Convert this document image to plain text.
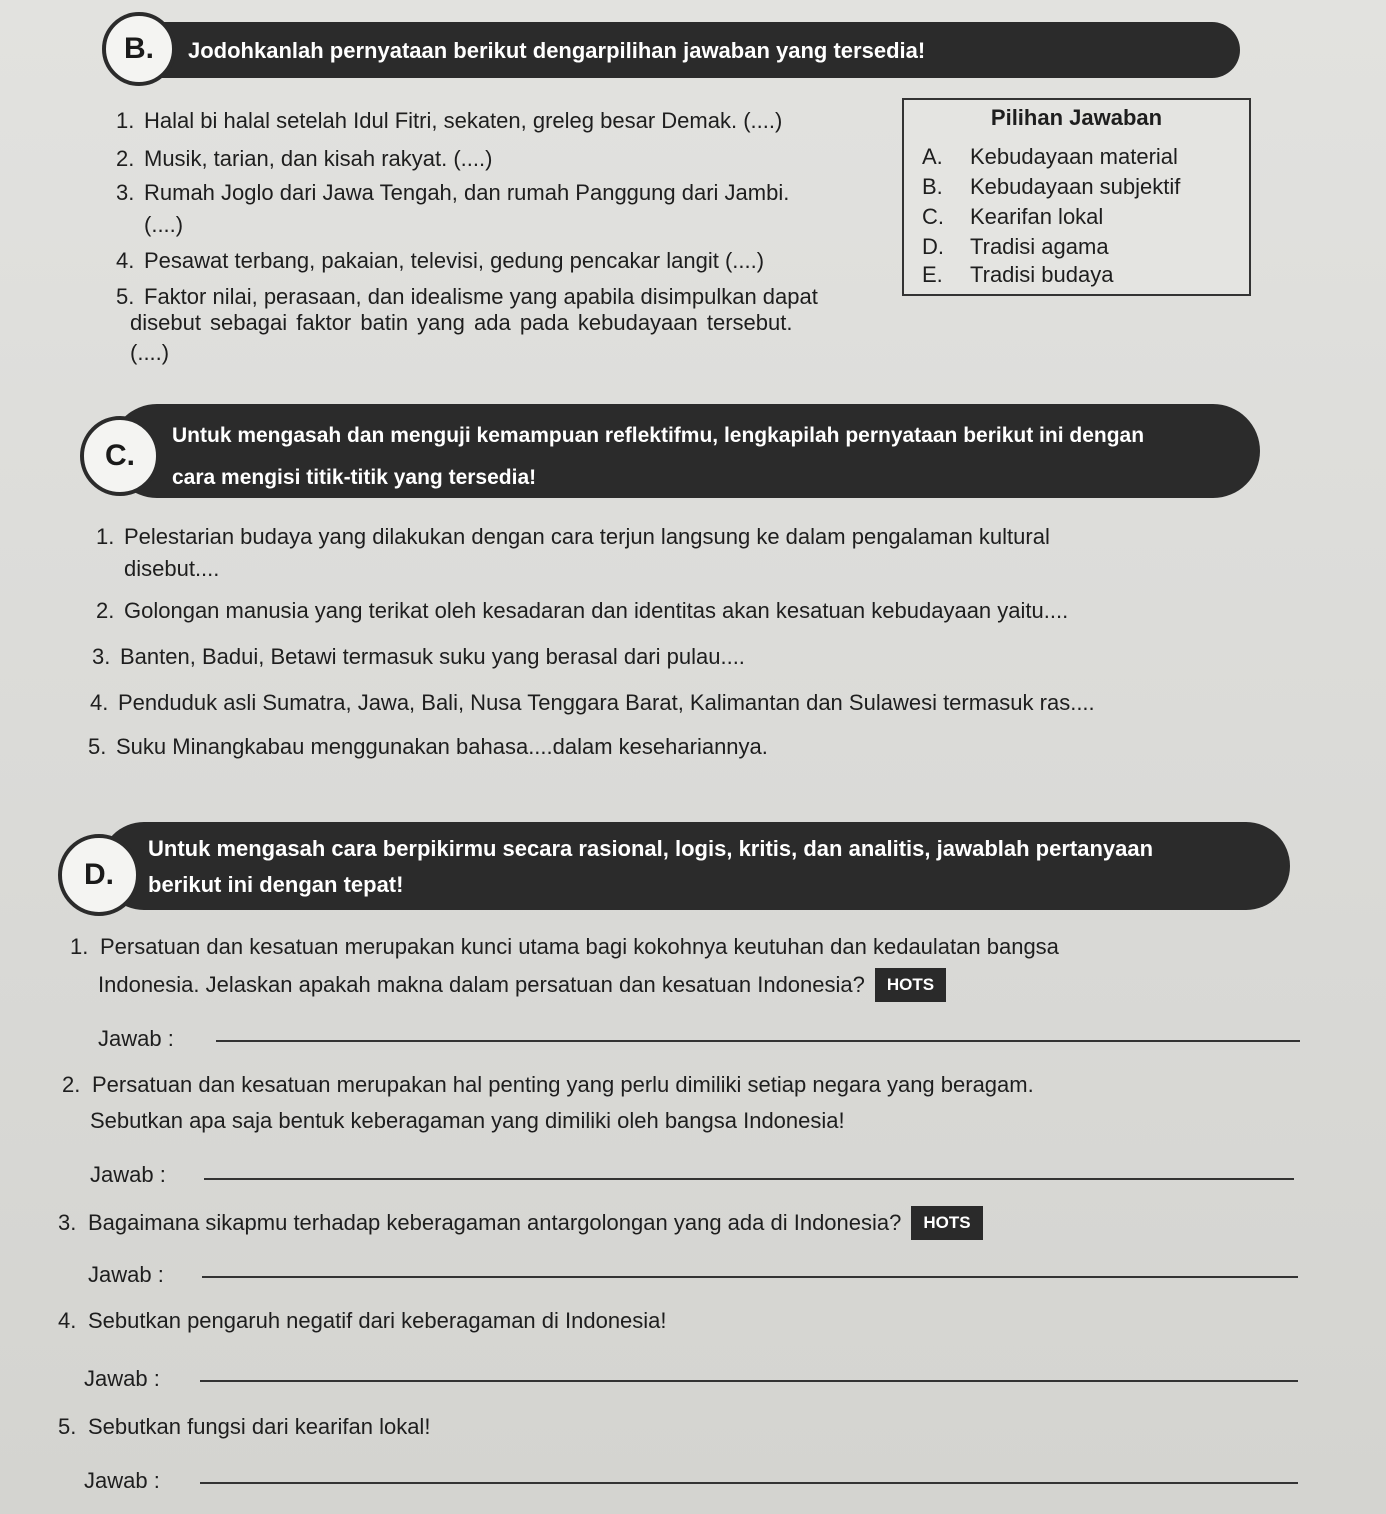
B.	Jodohkanlah pernyataan berikut dengarpilihan jawaban yang tersedia!
1. Halal bi halal setelah Idul Fitri, sekaten, greleg besar Demak. (....)
2. Musik, tarian, dan kisah rakyat. (....)
3. Rumah Joglo dari Jawa Tengah, dan rumah Panggung dari Jambi.
(....)
4. Pesawat terbang, pakaian, televisi, gedung pencakar langit (....)
5. Faktor nilai, perasaan, dan idealisme yang apabila disimpulkan dapat
disebut sebagai faktor batin yang ada pada kebudayaan tersebut.
(....)
Pilihan Jawaban
A. Kebudayaan material
B. Kebudayaan subjektif
C. Kearifan lokal
D. Tradisi agama
E. Tradisi budaya
C.
Untuk mengasah dan menguji kemampuan reflektifmu, lengkapilah pernyataan berikut ini dengan
cara mengisi titik-titik yang tersedia!
1. Pelestarian budaya yang dilakukan dengan cara terjun langsung ke dalam pengalaman kultural
disebut....
2. Golongan manusia yang terikat oleh kesadaran dan identitas akan kesatuan kebudayaan yaitu....
3. Banten, Badui, Betawi termasuk suku yang berasal dari pulau....
4. Penduduk asli Sumatra, Jawa, Bali, Nusa Tenggara Barat, Kalimantan dan Sulawesi termasuk ras....
5. Suku Minangkabau menggunakan bahasa....dalam kesehariannya.
D.
Untuk mengasah cara berpikirmu secara rasional, logis, kritis, dan analitis, jawablah pertanyaan
berikut ini dengan tepat!
1. Persatuan dan kesatuan merupakan kunci utama bagi kokohnya keutuhan dan kedaulatan bangsa
Indonesia. Jelaskan apakah makna dalam persatuan dan kesatuan Indonesia? HOTS
Jawab :
2. Persatuan dan kesatuan merupakan hal penting yang perlu dimiliki setiap negara yang beragam.
Sebutkan apa saja bentuk keberagaman yang dimiliki oleh bangsa Indonesia!
Jawab :
3. Bagaimana sikapmu terhadap keberagaman antargolongan yang ada di Indonesia? HOTS
Jawab :
4. Sebutkan pengaruh negatif dari keberagaman di Indonesia!
Jawab :
5. Sebutkan fungsi dari kearifan lokal!
Jawab :
